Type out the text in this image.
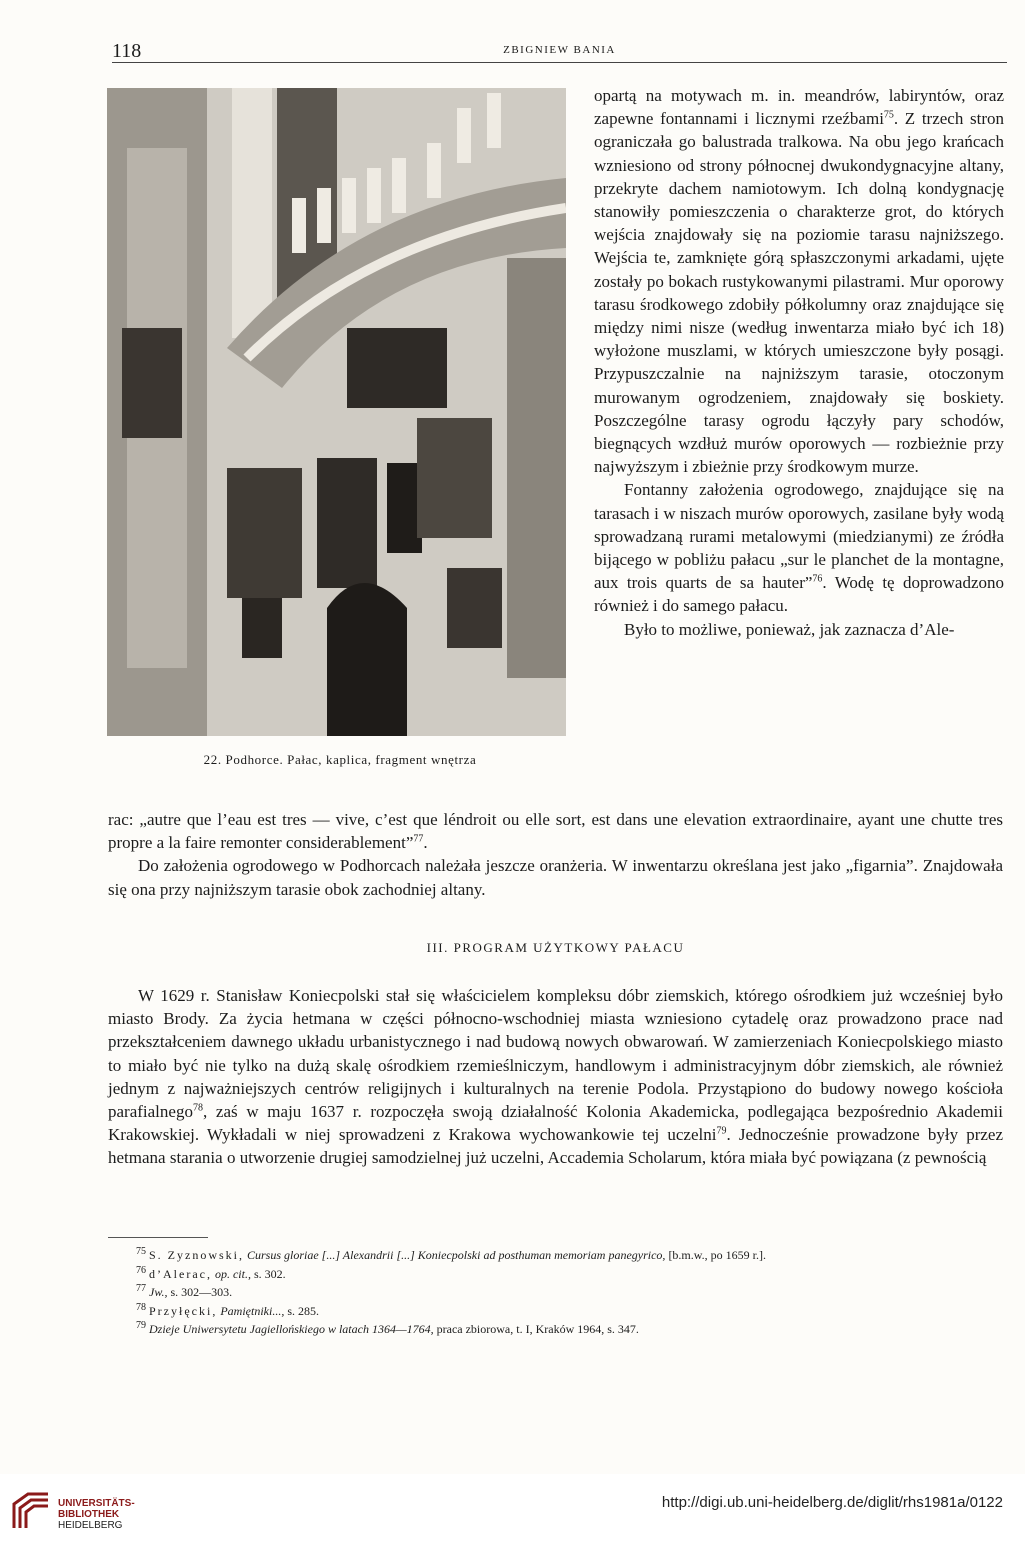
118	ZBIGNIEW BANIA
22. Podhorce. Pałac, kaplica, fragment wnętrza

opartą na motywach m. in. meandrów, labiryntów, oraz zapewne fontannami i licznymi rzeźbami$^{75}$. Z trzech stron ograniczała go balustrada tralkowa. Na obu jego krańcach wzniesiono od strony północnej dwukondygnacyjne altany, przekryte dachem namiotowym. Ich dolną kondygnację stanowiły pomieszczenia o charakterze grot, do których wejścia znajdowały się na poziomie tarasu najniższego. Wejścia te, zamknięte górą spłaszczonymi arkadami, ujęte zostały po bokach rustykowanymi pilastrami. Mur oporowy tarasu środkowego zdobiły półkolumny oraz znajdujące się między nimi nisze (według inwentarza miało być ich 18) wyłożone muszlami, w których umieszczone były posągi. Przypuszczalnie na najniższym tarasie, otoczonym murowanym ogrodzeniem, znajdowały się boskiety. Poszczególne tarasy ogrodu łączyły pary schodów, biegnących wzdłuż murów oporowych — rozbieżnie przy najwyższym i zbieżnie przy środkowym murze.

Fontanny założenia ogrodowego, znajdujące się na tarasach i w niszach murów oporowych, zasilane były wodą sprowadzaną rurami metalowymi (miedzianymi) ze źródła bijącego w pobliżu pałacu „sur le planchet de la montagne, aux trois quarts de sa hauter”$^{76}$. Wodę tę doprowadzono również i do samego pałacu.

Było to możliwe, ponieważ, jak zaznacza d’Ale-

rac: „autre que l’eau est tres — vive, c’est que léndroit ou elle sort, est dans une elevation extraordinaire, ayant une chutte tres propre a la faire remonter considerablement”$^{77}$.

Do założenia ogrodowego w Podhorcach należała jeszcze oranżeria. W inwentarzu określana jest jako „figarnia”. Znajdowała się ona przy najniższym tarasie obok zachodniej altany.

III. PROGRAM UŻYTKOWY PAŁACU

W 1629 r. Stanisław Koniecpolski stał się właścicielem kompleksu dóbr ziemskich, którego ośrodkiem już wcześniej było miasto Brody. Za życia hetmana w części północno-wschodniej miasta wzniesiono cytadelę oraz prowadzono prace nad przekształceniem dawnego układu urbanistycznego i nad budową nowych obwarowań. W zamierzeniach Koniecpolskiego miasto to miało być nie tylko na dużą skalę ośrodkiem rzemieślniczym, handlowym i administracyjnym dóbr ziemskich, ale również jednym z najważniejszych centrów religijnych i kulturalnych na terenie Podola. Przystąpiono do budowy nowego kościoła parafialnego$^{78}$, zaś w maju 1637 r. rozpoczęła swoją działalność Kolonia Akademicka, podlegająca bezpośrednio Akademii Krakowskiej. Wykładali w niej sprowadzeni z Krakowa wychowankowie tej uczelni$^{79}$. Jednocześnie prowadzone były przez hetmana starania o utworzenie drugiej samodzielnej już uczelni, Accademia Scholarum, która miała być powiązana (z pewnością

$^{75}$ S. Zyznowski, Cursus gloriae [...] Alexandrii [...] Koniecpolski ad posthuman memoriam panegyrico, [b.m.w., po 1659 r.].

$^{76}$ d’Alerac, op. cit., s. 302.

$^{77}$ Jw., s. 302—303.

$^{78}$ Przyłęcki, Pamiętniki..., s. 285.

$^{79}$ Dzieje Uniwersytetu Jagiellońskiego w latach 1364—1764, praca zbiorowa, t. I, Kraków 1964, s. 347.

UNIVERSITÄTS-
BIBLIOTHEK
HEIDELBERG
http://digi.ub.uni-heidelberg.de/diglit/rhs1981a/0122
